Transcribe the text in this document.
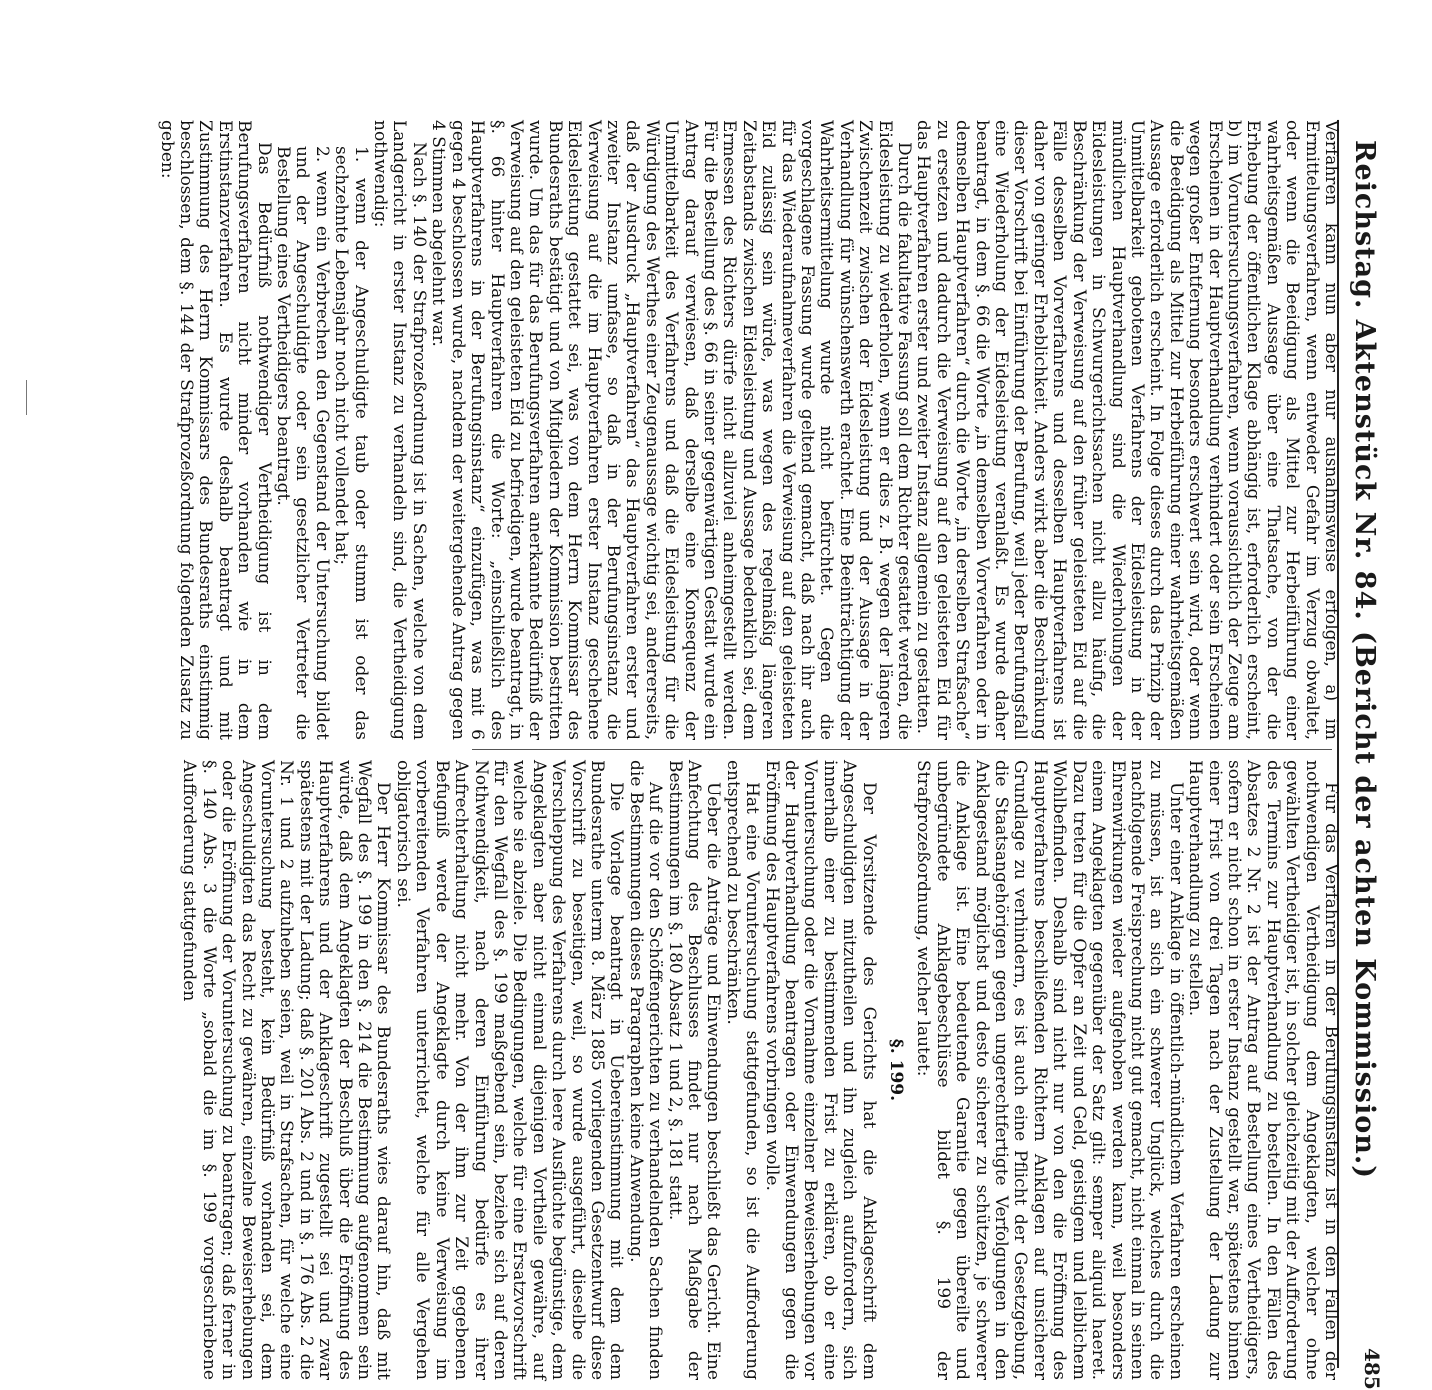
Reichstag. Aktenstück Nr. 84. (Bericht der achten Kommission.)
485

Verfahren kann nun aber nur ausnahmsweise erfolgen, a) im Ermittelungsverfahren, wenn entweder Gefahr im Verzug obwaltet, oder wenn die Beeidigung als Mittel zur Herbeiführung einer wahrheitsgemäßen Aussage über eine Thatsache, von der die Erhebung der öffentlichen Klage abhängig ist, erforderlich erscheint, b) im Voruntersuchungsverfahren, wenn voraussichtlich der Zeuge am Erscheinen in der Hauptverhandlung verhindert oder sein Erscheinen wegen großer Entfernung besonders erschwert sein wird, oder wenn die Beeidigung als Mittel zur Herbeiführung einer wahrheitsgemäßen Aussage erforderlich erscheint. In Folge dieses durch das Prinzip der Unmittelbarkeit gebotenen Verfahrens der Eidesleistung in der mündlichen Hauptverhandlung sind die Wiederholungen der Eidesleistungen in Schwurgerichtssachen nicht allzu häufig, die Beschränkung der Verweisung auf den früher geleisteten Eid auf die Fälle desselben Vorverfahrens und desselben Hauptverfahrens ist daher von geringer Erheblichkeit. Anders wirkt aber die Beschränkung dieser Vorschrift bei Einführung der Berufung, weil jeder Berufungsfall eine Wiederholung der Eidesleistung veranlaßt. Es wurde daher beantragt, in dem §. 66 die Worte „in demselben Vorverfahren oder in demselben Hauptverfahren“ durch die Worte „in derselben Strafsache“ zu ersetzen und dadurch die Verweisung auf den geleisteten Eid für das Hauptverfahren erster und zweiter Instanz allgemein zu gestatten.

Durch die fakultative Fassung soll dem Richter gestattet werden, die Eidesleistung zu wiederholen, wenn er dies z. B. wegen der längeren Zwischenzeit zwischen der Eidesleistung und der Aussage in der Verhandlung für wünschenswerth erachtet. Eine Beeinträchtigung der Wahrheitsermittelung wurde nicht befürchtet. Gegen die vorgeschlagene Fassung wurde geltend gemacht, daß nach ihr auch für das Wiederaufnahmeverfahren die Verweisung auf den geleisteten Eid zulässig sein würde, was wegen des regelmäßig längeren Zeitabstands zwischen Eidesleistung und Aussage bedenklich sei, dem Ermessen des Richters dürfe nicht allzuviel anheimgestellt werden. Für die Bestellung des §. 66 in seiner gegenwärtigen Gestalt wurde ein Antrag darauf verwiesen, daß derselbe eine Konsequenz der Unmittelbarkeit des Verfahrens und daß die Eidesleistung für die Würdigung des Werthes einer Zeugenaussage wichtig sei, andererseits, daß der Ausdruck „Hauptverfahren“ das Hauptverfahren erster und zweiter Instanz umfasse, so daß in der Berufungsinstanz die Verweisung auf die im Hauptverfahren erster Instanz geschehene Eidesleistung gestattet sei, was von dem Herrn Kommissar des Bundesraths bestätigt und von Mitgliedern der Kommission bestritten wurde. Um das für das Berufungsverfahren anerkannte Bedürfniß der Verweisung auf den geleisteten Eid zu befriedigen, wurde beantragt, in §. 66 hinter Hauptverfahren die Worte: „einschließlich des Hauptverfahrens in der Berufungsinstanz“ einzufügen, was mit 6 gegen 4 beschlossen wurde, nachdem der weitergehende Antrag gegen 4 Stimmen abgelehnt war.

Nach §. 140 der Strafprozeßordnung ist in Sachen, welche von dem Landgericht in erster Instanz zu verhandeln sind, die Vertheidigung nothwendig:

1. wenn der Angeschuldigte taub oder stumm ist oder das sechzehnte Lebensjahr noch nicht vollendet hat;

2. wenn ein Verbrechen den Gegenstand der Untersuchung bildet und der Angeschuldigte oder sein gesetzlicher Vertreter die Bestellung eines Vertheidigers beantragt.

Das Bedürfniß nothwendiger Vertheidigung ist in dem Berufungsverfahren nicht minder vorhanden wie in dem Erstinstanzverfahren. Es wurde deshalb beantragt und mit Zustimmung des Herrn Kommissars des Bundesraths einstimmig beschlossen, dem §. 144 der Strafprozeßordnung folgenden Zusatz zu geben:

Für das Verfahren in der Berufungsinstanz ist in den Fällen der nothwendigen Vertheidigung dem Angeklagten, welcher ohne gewählten Vertheidiger ist, in solcher gleichzeitig mit der Aufforderung des Termins zur Hauptverhandlung zu bestellen. In den Fällen des Absatzes 2 Nr. 2 ist der Antrag auf Bestellung eines Vertheidigers, sofern er nicht schon in erster Instanz gestellt war, spätestens binnen einer Frist von drei Tagen nach der Zustellung der Ladung zur Hauptverhandlung zu stellen.

Unter einer Anklage in öffentlich-mündlichem Verfahren erscheinen zu müssen, ist an sich ein schwerer Unglück, welches durch die nachfolgende Freisprechung nicht gut gemacht, nicht einmal in seinen Ehrenwirkungen wieder aufgehoben werden kann, weil besonders einem Angeklagten gegenüber der Satz gilt: semper aliquid haeret. Dazu treten für die Opfer an Zeit und Geld, geistigem und leiblichem Wohlbefinden. Deshalb sind nicht nur von den die Eröffnung des Hauptverfahrens beschließenden Richtern Anklagen auf unsicherer Grundlage zu verhindern, es ist auch eine Pflicht der Gesetzgebung, die Staatsangehörigen gegen ungerechtfertigte Verfolgungen in den Anklagestand möglichst und desto sicherer zu schützen, je schwerer die Anklage ist. Eine bedeutende Garantie gegen übereilte und unbegründete Anklagebeschlüsse bildet §. 199 der Strafprozeßordnung, welcher lautet:

§. 199.

Der Vorsitzende des Gerichts hat die Anklageschrift dem Angeschuldigten mitzutheilen und ihn zugleich aufzufordern, sich innerhalb einer zu bestimmenden Frist zu erklären, ob er eine Voruntersuchung oder die Vornahme einzelner Beweiserhebungen vor der Hauptverhandlung beantragen oder Einwendungen gegen die Eröffnung des Hauptverfahrens vorbringen wolle.

Hat eine Voruntersuchung stattgefunden, so ist die Aufforderung entsprechend zu beschränken.

Ueber die Anträge und Einwendungen beschließt das Gericht. Eine Anfechtung des Beschlusses findet nur nach Maßgabe der Bestimmungen im §. 180 Absatz 1 und 2, §. 181 statt.

Auf die vor den Schöffengerichten zu verhandelnden Sachen finden die Bestimmungen dieses Paragraphen keine Anwendung.

Die Vorlage beantragt in Uebereinstimmung mit dem dem Bundesrathe unterm 8. März 1885 vorliegenden Gesetzentwurf diese Vorschrift zu beseitigen, weil, so wurde ausgeführt, dieselbe die Verschleppung des Verfahrens durch leere Ausflüchte begünstige, dem Angeklagten aber nicht einmal diejenigen Vortheile gewähre, auf welche sie abziele. Die Bedingungen, welche für eine Ersatzvorschrift für den Wegfall des §. 199 maßgebend sein, beziehe sich auf deren Nothwendigkeit, nach deren Einführung bedürfe es ihrer Aufrechterhaltung nicht mehr. Von der ihm zur Zeit gegebenen Befugniß werde der Angeklagte durch keine Verweisung im vorbereitenden Verfahren unterrichtet, welche für alle Vergehen obligatorisch sei.

Der Herr Kommissar des Bundesraths wies darauf hin, daß mit Wegfall des §. 199 in den §. 214 die Bestimmung aufgenommen sein würde, daß dem Angeklagten der Beschluß über die Eröffnung des Hauptverfahrens und der Anklageschrift zugestellt sei und zwar spätestens mit der Ladung; daß §. 201 Abs. 2 und in §. 176 Abs. 2 die Nr. 1 und 2 aufzuheben seien, weil in Strafsachen, für welche eine Voruntersuchung besteht, kein Bedürfniß vorhanden sei, dem Angeschuldigten das Recht zu gewähren, einzelne Beweiserhebungen oder die Eröffnung der Voruntersuchung zu beantragen; daß ferner in §. 140 Abs. 3 die Worte „sobald die im §. 199 vorgeschriebene Aufforderung stattgefunden
